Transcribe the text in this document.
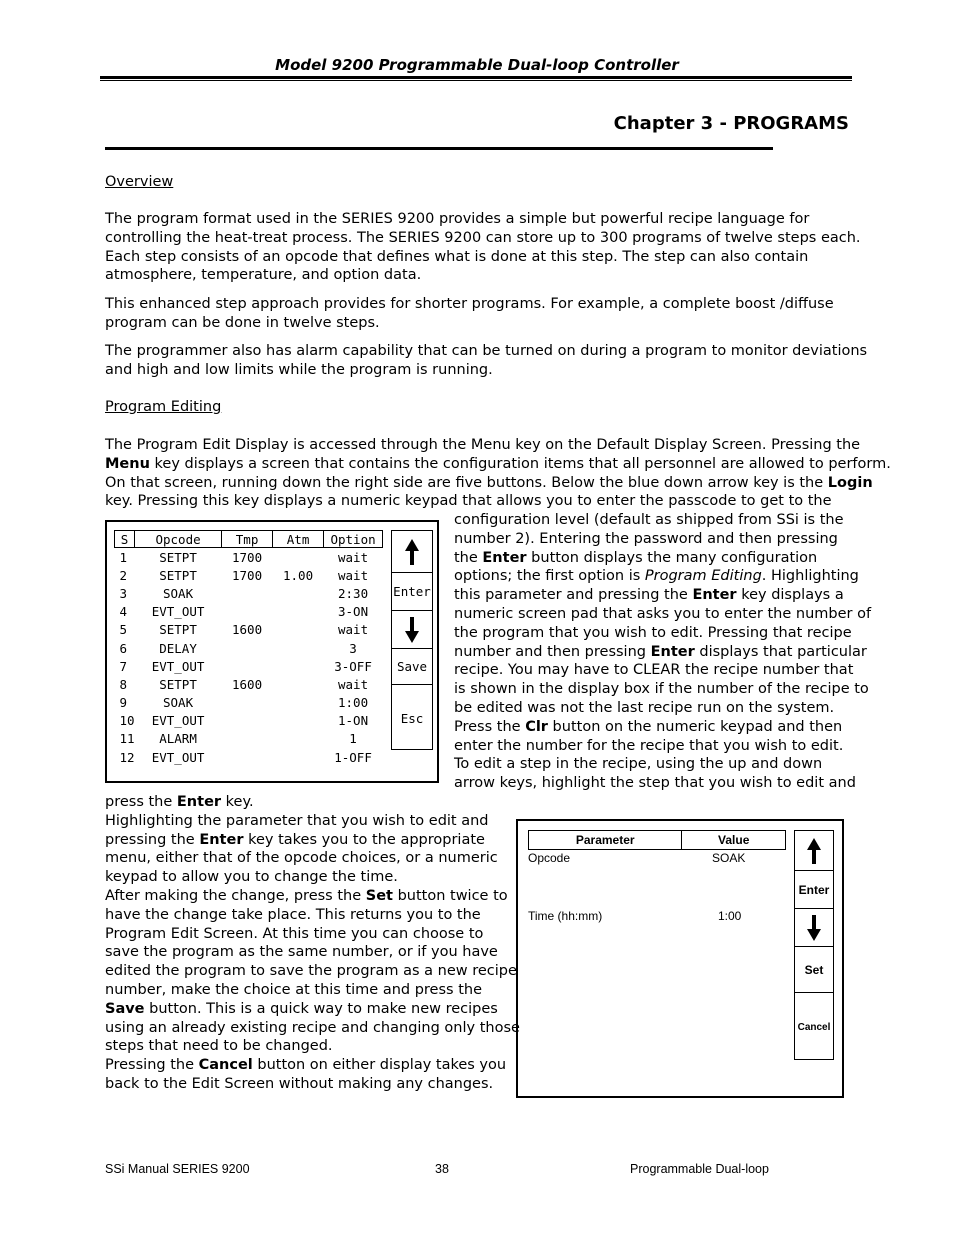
Model 9200 Programmable Dual-loop Controller
Chapter 3 - PROGRAMS
Overview
The program format used in the SERIES 9200 provides a simple but powerful recipe language for
controlling the heat-treat process. The SERIES 9200 can store up to 300 programs of twelve steps each.
Each step consists of an opcode that defines what is done at this step. The step can also contain
atmosphere, temperature, and option data.
This enhanced step approach provides for shorter programs. For example, a complete boost /diffuse
program can be done in twelve steps.
The programmer also has alarm capability that can be turned on during a program to monitor deviations
and high and low limits while the program is running.
Program Editing
The Program Edit Display is accessed through the Menu key on the Default Display Screen. Pressing the
Menu key displays a screen that contains the configuration items that all personnel are allowed to perform.
On that screen, running down the right side are five buttons. Below the blue down arrow key is the Login
key. Pressing this key displays a numeric keypad that allows you to enter the passcode to get to the
configuration level (default as shipped from SSi is the
number 2). Entering the password and then pressing
the Enter button displays the many configuration
options; the first option is Program Editing. Highlighting
this parameter and pressing the Enter key displays a
numeric screen pad that asks you to enter the number of
the program that you wish to edit. Pressing that recipe
number and then pressing Enter displays that particular
recipe. You may have to CLEAR the recipe number that
is shown in the display box if the number of the recipe to
be edited was not the last recipe run on the system.
Press the Clr button on the numeric keypad and then
enter the number for the recipe that you wish to edit.
To edit a step in the recipe, using the up and down
arrow keys, highlight the step that you wish to edit and
S	Opcode	Tmp	Atm	Option
1	SETPT	1700		wait
2	SETPT	1700	1.00	wait
3	SOAK			2:30
4	EVT_OUT			3-ON
5	SETPT	1600		wait
6	DELAY			3
7	EVT_OUT			3-OFF
8	SETPT	1600		wait
9	SOAK			1:00
10	EVT_OUT			1-ON
11	ALARM			1
12	EVT_OUT			1-OFF
Enter
Save
Esc
press the Enter key.
Highlighting the parameter that you wish to edit and
pressing the Enter key takes you to the appropriate
menu, either that of the opcode choices, or a numeric
keypad to allow you to change the time.
After making the change, press the Set button twice to
have the change take place. This returns you to the
Program Edit Screen. At this time you can choose to
save the program as the same number, or if you have
edited the program to save the program as a new recipe
number, make the choice at this time and press the
Save button. This is a quick way to make new recipes
using an already existing recipe and changing only those
steps that need to be changed.
Pressing the Cancel button on either display takes you
back to the Edit Screen without making any changes.
Parameter	Value
Opcode	SOAK
Time (hh:mm)	1:00
Enter
Set
Cancel
SSi Manual SERIES 9200	38	Programmable Dual-loop
